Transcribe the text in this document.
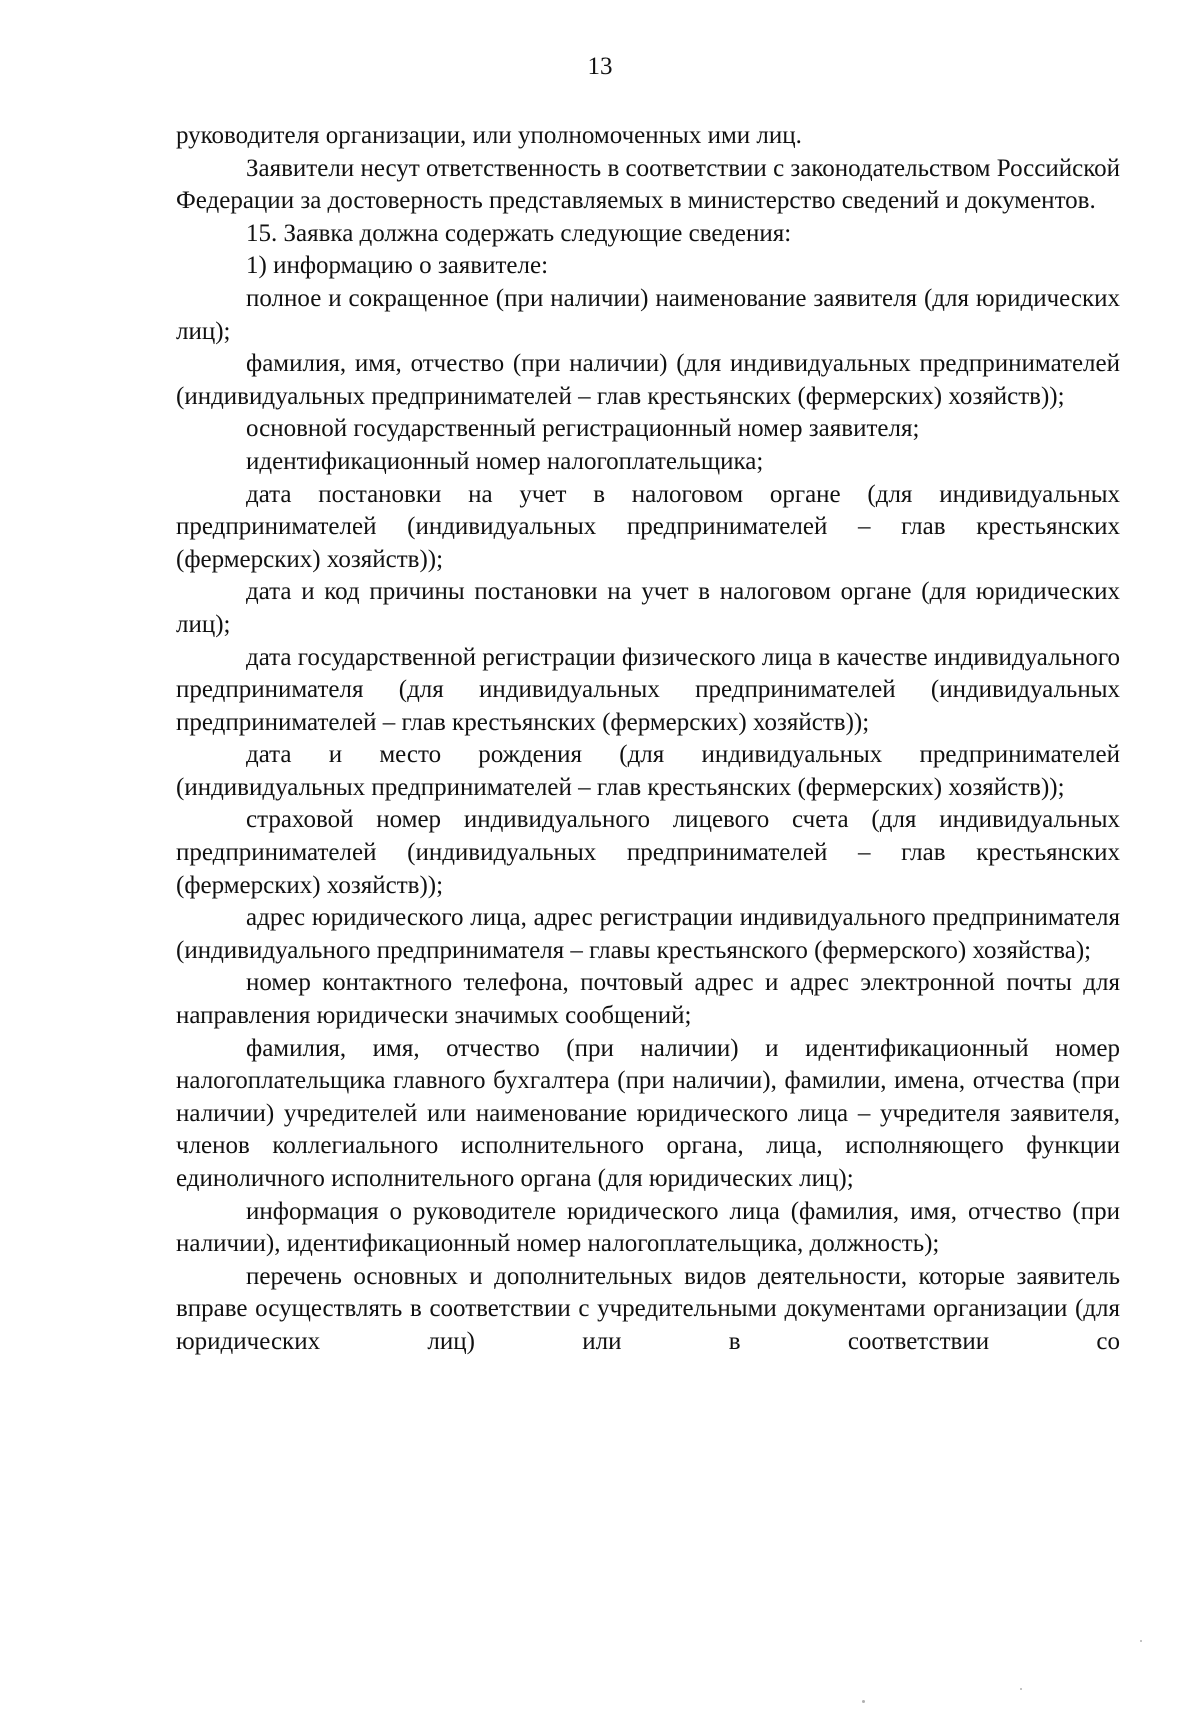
13

руководителя организации, или уполномоченных ими лиц.

Заявители несут ответственность в соответствии с законодательством Российской Федерации за достоверность представляемых в министерство сведений и документов.

15. Заявка должна содержать следующие сведения:

1) информацию о заявителе:

полное и сокращенное (при наличии) наименование заявителя (для юридических лиц);

фамилия, имя, отчество (при наличии) (для индивидуальных предпринимателей (индивидуальных предпринимателей – глав крестьянских (фермерских) хозяйств));

основной государственный регистрационный номер заявителя;

идентификационный номер налогоплательщика;

дата постановки на учет в налоговом органе (для индивидуальных предпринимателей (индивидуальных предпринимателей – глав крестьянских (фермерских) хозяйств));

дата и код причины постановки на учет в налоговом органе (для юридических лиц);

дата государственной регистрации физического лица в качестве индивидуального предпринимателя (для индивидуальных предпринимателей (индивидуальных предпринимателей – глав крестьянских (фермерских) хозяйств));

дата и место рождения (для индивидуальных предпринимателей (индивидуальных предпринимателей – глав крестьянских (фермерских) хозяйств));

страховой номер индивидуального лицевого счета (для индивидуальных предпринимателей (индивидуальных предпринимателей – глав крестьянских (фермерских) хозяйств));

адрес юридического лица, адрес регистрации индивидуального предпринимателя (индивидуального предпринимателя – главы крестьянского (фермерского) хозяйства);

номер контактного телефона, почтовый адрес и адрес электронной почты для направления юридически значимых сообщений;

фамилия, имя, отчество (при наличии) и идентификационный номер налогоплательщика главного бухгалтера (при наличии), фамилии, имена, отчества (при наличии) учредителей или наименование юридического лица – учредителя заявителя, членов коллегиального исполнительного органа, лица, исполняющего функции единоличного исполнительного органа (для юридических лиц);

информация о руководителе юридического лица (фамилия, имя, отчество (при наличии), идентификационный номер налогоплательщика, должность);

перечень основных и дополнительных видов деятельности, которые заявитель вправе осуществлять в соответствии с учредительными документами организации (для юридических лиц) или в соответствии со
